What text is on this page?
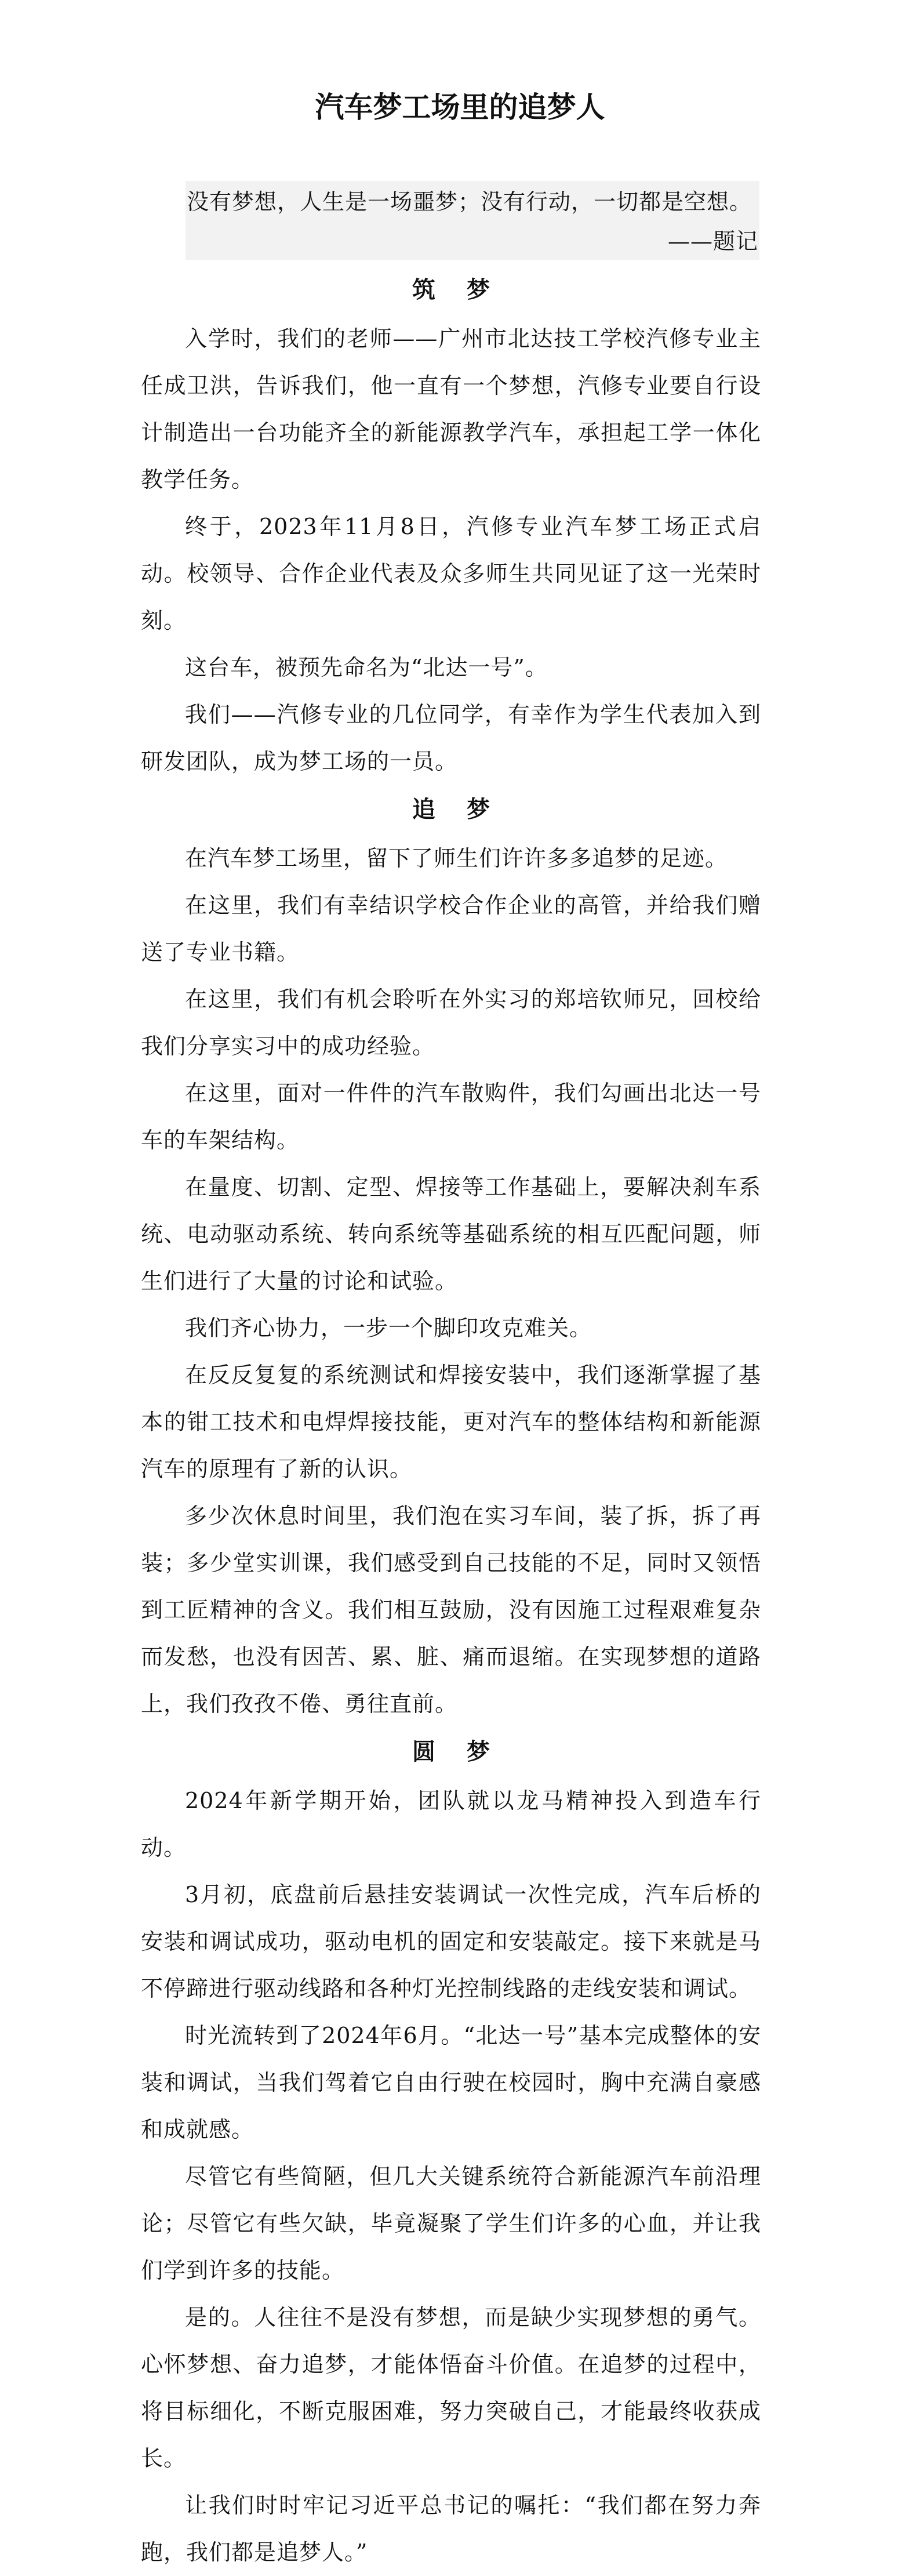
汽车梦工场里的追梦人
没有梦想，人生是一场噩梦；没有行动，一切都是空想。
——题记
筑梦

入学时，我们的老师——广州市北达技工学校汽修专业主任成卫洪，告诉我们，他一直有一个梦想，汽修专业要自行设计制造出一台功能齐全的新能源教学汽车，承担起工学一体化教学任务。

终于，2023年11月8日，汽修专业汽车梦工场正式启动。校领导、合作企业代表及众多师生共同见证了这一光荣时刻。

这台车，被预先命名为“北达一号”。

我们——汽修专业的几位同学，有幸作为学生代表加入到研发团队，成为梦工场的一员。

追梦

在汽车梦工场里，留下了师生们许许多多追梦的足迹。

在这里，我们有幸结识学校合作企业的高管，并给我们赠送了专业书籍。

在这里，我们有机会聆听在外实习的郑培钦师兄，回校给我们分享实习中的成功经验。

在这里，面对一件件的汽车散购件，我们勾画出北达一号车的车架结构。

在量度、切割、定型、焊接等工作基础上，要解决刹车系统、电动驱动系统、转向系统等基础系统的相互匹配问题，师生们进行了大量的讨论和试验。

我们齐心协力，一步一个脚印攻克难关。

在反反复复的系统测试和焊接安装中，我们逐渐掌握了基本的钳工技术和电焊焊接技能，更对汽车的整体结构和新能源汽车的原理有了新的认识。

多少次休息时间里，我们泡在实习车间，装了拆，拆了再装；多少堂实训课，我们感受到自己技能的不足，同时又领悟到工匠精神的含义。我们相互鼓励，没有因施工过程艰难复杂而发愁，也没有因苦、累、脏、痛而退缩。在实现梦想的道路上，我们孜孜不倦、勇往直前。

圆梦

2024年新学期开始，团队就以龙马精神投入到造车行动。

3月初，底盘前后悬挂安装调试一次性完成，汽车后桥的安装和调试成功，驱动电机的固定和安装敲定。接下来就是马不停蹄进行驱动线路和各种灯光控制线路的走线安装和调试。

时光流转到了2024年6月。“北达一号”基本完成整体的安装和调试，当我们驾着它自由行驶在校园时，胸中充满自豪感和成就感。

尽管它有些简陋，但几大关键系统符合新能源汽车前沿理论；尽管它有些欠缺，毕竟凝聚了学生们许多的心血，并让我们学到许多的技能。

是的。人往往不是没有梦想，而是缺少实现梦想的勇气。心怀梦想、奋力追梦，才能体悟奋斗价值。在追梦的过程中，将目标细化，不断克服困难，努力突破自己，才能最终收获成长。

让我们时时牢记习近平总书记的嘱托：“我们都在努力奔跑，我们都是追梦人。”
